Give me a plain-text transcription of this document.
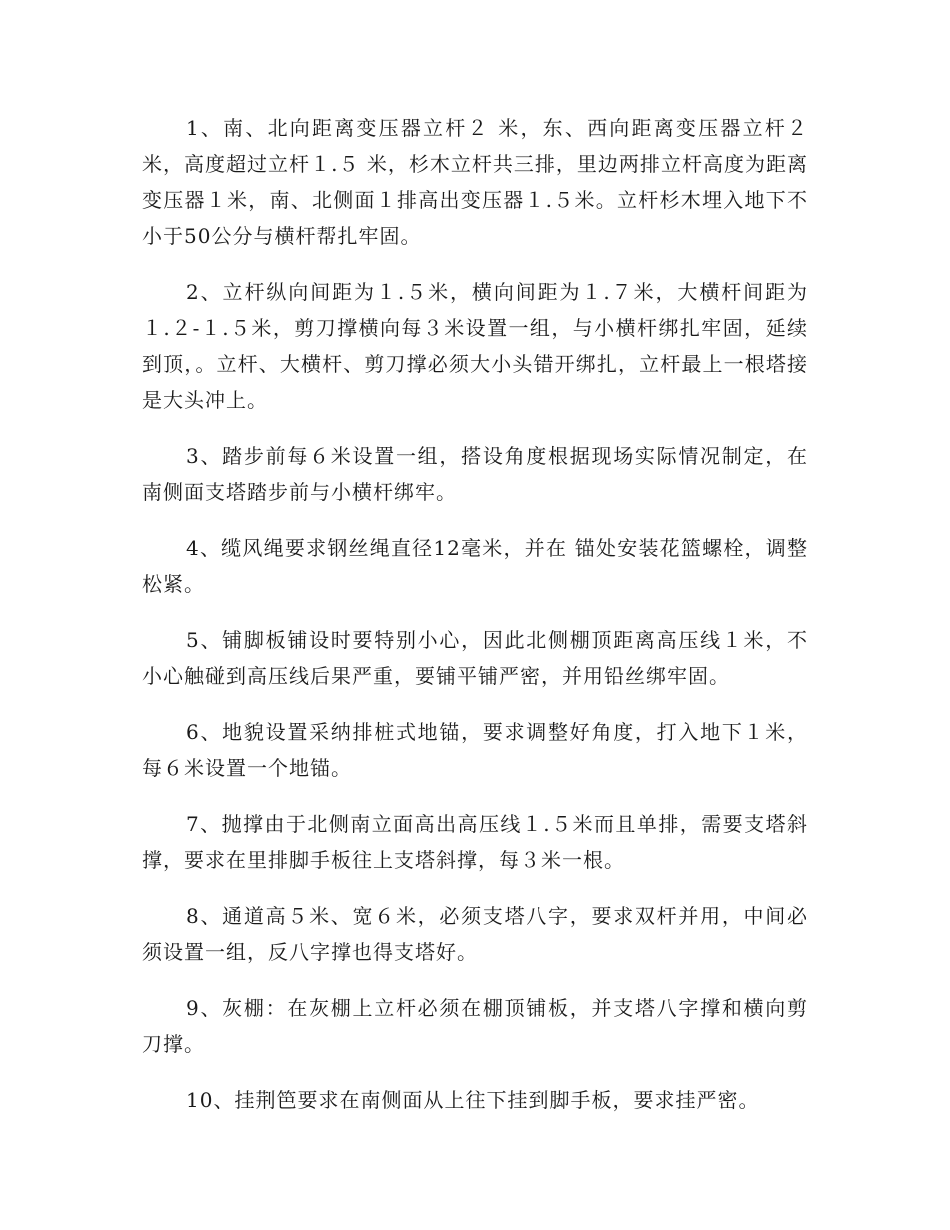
1、南、北向距离变压器立杆２ 米，东、西向距离变压器立杆２米，高度超过立杆１.５ 米，杉木立杆共三排，里边两排立杆高度为距离变压器１米，南、北侧面１排高出变压器１.５米。立杆杉木埋入地下不小于50公分与横杆帮扎牢固。

2、立杆纵向间距为１.５米，横向间距为１.７米，大横杆间距为１.２-１.５米，剪刀撑横向每３米设置一组，与小横杆绑扎牢固，延续到顶，。立杆、大横杆、剪刀撑必须大小头错开绑扎，立杆最上一根塔接是大头冲上。

3、踏步前每６米设置一组，搭设角度根据现场实际情况制定，在南侧面支塔踏步前与小横杆绑牢。

4、缆风绳要求钢丝绳直径12毫米，并在 锚处安装花篮螺栓，调整松紧。

5、铺脚板铺设时要特别小心，因此北侧棚顶距离高压线１米，不小心触碰到高压线后果严重，要铺平铺严密，并用铅丝绑牢固。

6、地貌设置采纳排桩式地锚，要求调整好角度，打入地下１米，每６米设置一个地锚。

7、抛撑由于北侧南立面高出高压线１.５米而且单排，需要支塔斜撑，要求在里排脚手板往上支塔斜撑，每３米一根。

8、通道高５米、宽６米，必须支塔八字，要求双杆并用，中间必须设置一组，反八字撑也得支塔好。

9、灰棚：在灰棚上立杆必须在棚顶铺板，并支塔八字撑和横向剪刀撑。

10、挂荆笆要求在南侧面从上往下挂到脚手板，要求挂严密。
